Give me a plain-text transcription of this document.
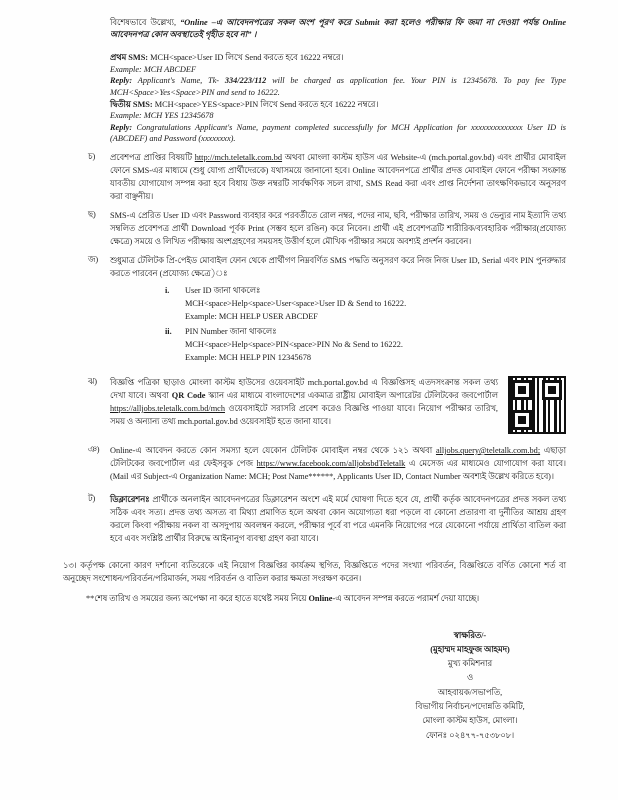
বিশেষভাবে উল্লেখ্য, “Online –এ আবেদনপত্রের সকল অংশ পূরণ করে Submit করা হলেও পরীক্ষার ফি জমা না দেওয়া পর্যন্ত Online আবেদনপত্র কোন অবস্থাতেই গৃহীত হবে না” ।
প্রথম SMS: MCH<space>User ID লিখে Send করতে হবে 16222 নম্বরে।
Example: MCH ABCDEF
Reply: Applicant's Name, Tk- 334/223/112 will be charged as application fee. Your PIN is 12345678. To pay fee Type MCH<Space>Yes<Space>PIN and send to 16222.
দ্বিতীয় SMS: MCH<space>YES<space>PIN লিখে Send করতে হবে 16222 নম্বরে।
Example: MCH YES 12345678
Reply: Congratulations Applicant's Name, payment completed successfully for MCH Application for xxxxxxxxxxxxxx User ID is (ABCDEF) and Password (xxxxxxxx).
চ)	প্রবেশপত্র প্রাপ্তির বিষয়টি http://mch.teletalk.com.bd অথবা মোংলা কাস্টম হাউস এর Website-এ (mch.portal.gov.bd) এবং প্রার্থীর মোবাইল ফোনে SMS-এর মাধ্যমে (শুধু যোগ্য প্রার্থীদেরকে) যথাসময়ে জানানো হবে। Online আবেদনপত্রে প্রার্থীর প্রদত্ত মোবাইল ফোনে পরীক্ষা সংক্রান্ত যাবতীয় যোগাযোগ সম্পন্ন করা হবে বিধায় উক্ত নম্বরটি সার্বক্ষণিক সচল রাখা, SMS Read করা এবং প্রাপ্ত নির্দেশনা তাৎক্ষণিকভাবে অনুসরণ করা বাঞ্ছনীয়।
ছ)	SMS-এ প্রেরিত User ID এবং Password ব্যবহার করে পরবর্তীতে রোল নম্বর, পদের নাম, ছবি, পরীক্ষার তারিখ, সময় ও ভেন্যুর নাম ইত্যাদি তথ্য সম্বলিত প্রবেশপত্র প্রার্থী Download পূর্বক Print (সম্ভব হলে রঙিন) করে নিবেন। প্রার্থী এই প্রবেশপত্রটি শারীরিক/ব্যবহারিক পরীক্ষার(প্রযোজ্য ক্ষেত্রে) সময়ে ও লিখিত পরীক্ষায় অংশগ্রহণের সময়সহ উত্তীর্ণ হলে মৌখিক পরীক্ষার সময়ে অবশ্যই প্রদর্শন করবেন।
জ)	শুধুমাত্র টেলিটক প্রি-পেইড মোবাইল ফোন থেকে প্রার্থীগণ নিম্নবর্ণিত SMS পদ্ধতি অনুসরণ করে নিজ নিজ User ID, Serial এবং PIN পুনরুদ্ধার করতে পারবেন (প্রযোজ্য ক্ষেত্রে)ঃ
i.	User ID জানা থাকলেঃ
MCH<space>Help<space>User<space>User ID & Send to 16222.
Example: MCH HELP USER ABCDEF
ii.	PIN Number জানা থাকলেঃ
MCH<space>Help<space>PIN<space>PIN No & Send to 16222.
Example: MCH HELP PIN 12345678
ঝ)	বিজ্ঞপ্তি পত্রিকা ছাড়াও মোংলা কাস্টম হাউসের ওয়েবসাইট mch.portal.gov.bd এ বিজ্ঞপ্তিসহ এতদসংক্রান্ত সকল তথ্য দেখা যাবে। অথবা QR Code স্ক্যান এর মাধ্যমে বাংলাদেশের একমাত্র রাষ্ট্রীয় মোবাইল অপারেটর টেলিটকের জবপোর্টাল https://alljobs.teletalk.com.bd/mch ওয়েবসাইটে সরাসরি প্রবেশ করেও বিজ্ঞপ্তি পাওয়া যাবে। নিয়োগ পরীক্ষার তারিখ, সময় ও অন্যান্য তথ্য mch.portal.gov.bd ওয়েবসাইট হতে জানা যাবে।
ঞ)	Online-এ আবেদন করতে কোন সমস্যা হলে যেকোন টেলিটক মোবাইল নম্বর থেকে ১২১ অথবা alljobs.query@teletalk.com.bd; এছাড়া টেলিটকের জবপোর্টাল এর ফেইসবুক পেজ https://www.facebook.com/alljobsbdTeletalk এ মেসেজ এর মাধ্যমেও যোগাযোগ করা যাবে। (Mail এর Subject-এ Organization Name: MCH; Post Name******, Applicants User ID, Contact Number অবশ্যই উল্লেখ করিতে হবে)।
ট)	ডিক্লারেশনঃ প্রার্থীকে অনলাইন আবেদনপত্রের ডিক্লারেশন অংশে এই মর্মে ঘোষণা দিতে হবে যে, প্রার্থী কর্তৃক আবেদনপত্রের প্রদত্ত সকল তথ্য সঠিক এবং সত্য। প্রদত্ত তথ্য অসত্য বা মিথ্যা প্রমাণিত হলে অথবা কোন অযোগ্যতা ধরা পড়লে বা কোনো প্রতারণা বা দুর্নীতির আশ্রয় গ্রহণ করলে কিংবা পরীক্ষায় নকল বা অসদুপায় অবলম্বন করলে, পরীক্ষার পূর্বে বা পরে এমনকি নিয়োগের পরে যেকোনো পর্যায়ে প্রার্থিতা বাতিল করা হবে এবং সংশ্লিষ্ট প্রার্থীর বিরুদ্ধে আইনানুগ ব্যবস্থা গ্রহণ করা যাবে।
১৩। কর্তৃপক্ষ কোনো কারণ দর্শানো ব্যতিরেকে এই নিয়োগ বিজ্ঞপ্তির কার্যক্রম স্থগিত, বিজ্ঞপ্তিতে পদের সংখ্যা পরিবর্তন, বিজ্ঞপ্তিতে বর্ণিত কোনো শর্ত বা অনুচ্ছেদ সংশোধন/পরিবর্তন/পরিমার্জন, সময় পরিবর্তন ও বাতিল করার ক্ষমতা সংরক্ষণ করেন।
**শেষ তারিখ ও সময়ের জন্য অপেক্ষা না করে হাতে যথেষ্ট সময় নিয়ে Online-এ আবেদন সম্পন্ন করতে পরামর্শ দেয়া যাচ্ছে।
স্বাক্ষরিত/-
(মুহাম্মদ মাহফুজ আহমদ)
মুখ্য কমিশনার
ও
আহবায়ক/সভাপতি,
বিভাগীয় নির্বাচন/পদোন্নতি কমিটি,
মোংলা কাস্টম হাউস, মোংলা।
ফোনঃ ০২৪৭৭-৭৫৩৮০৮।
